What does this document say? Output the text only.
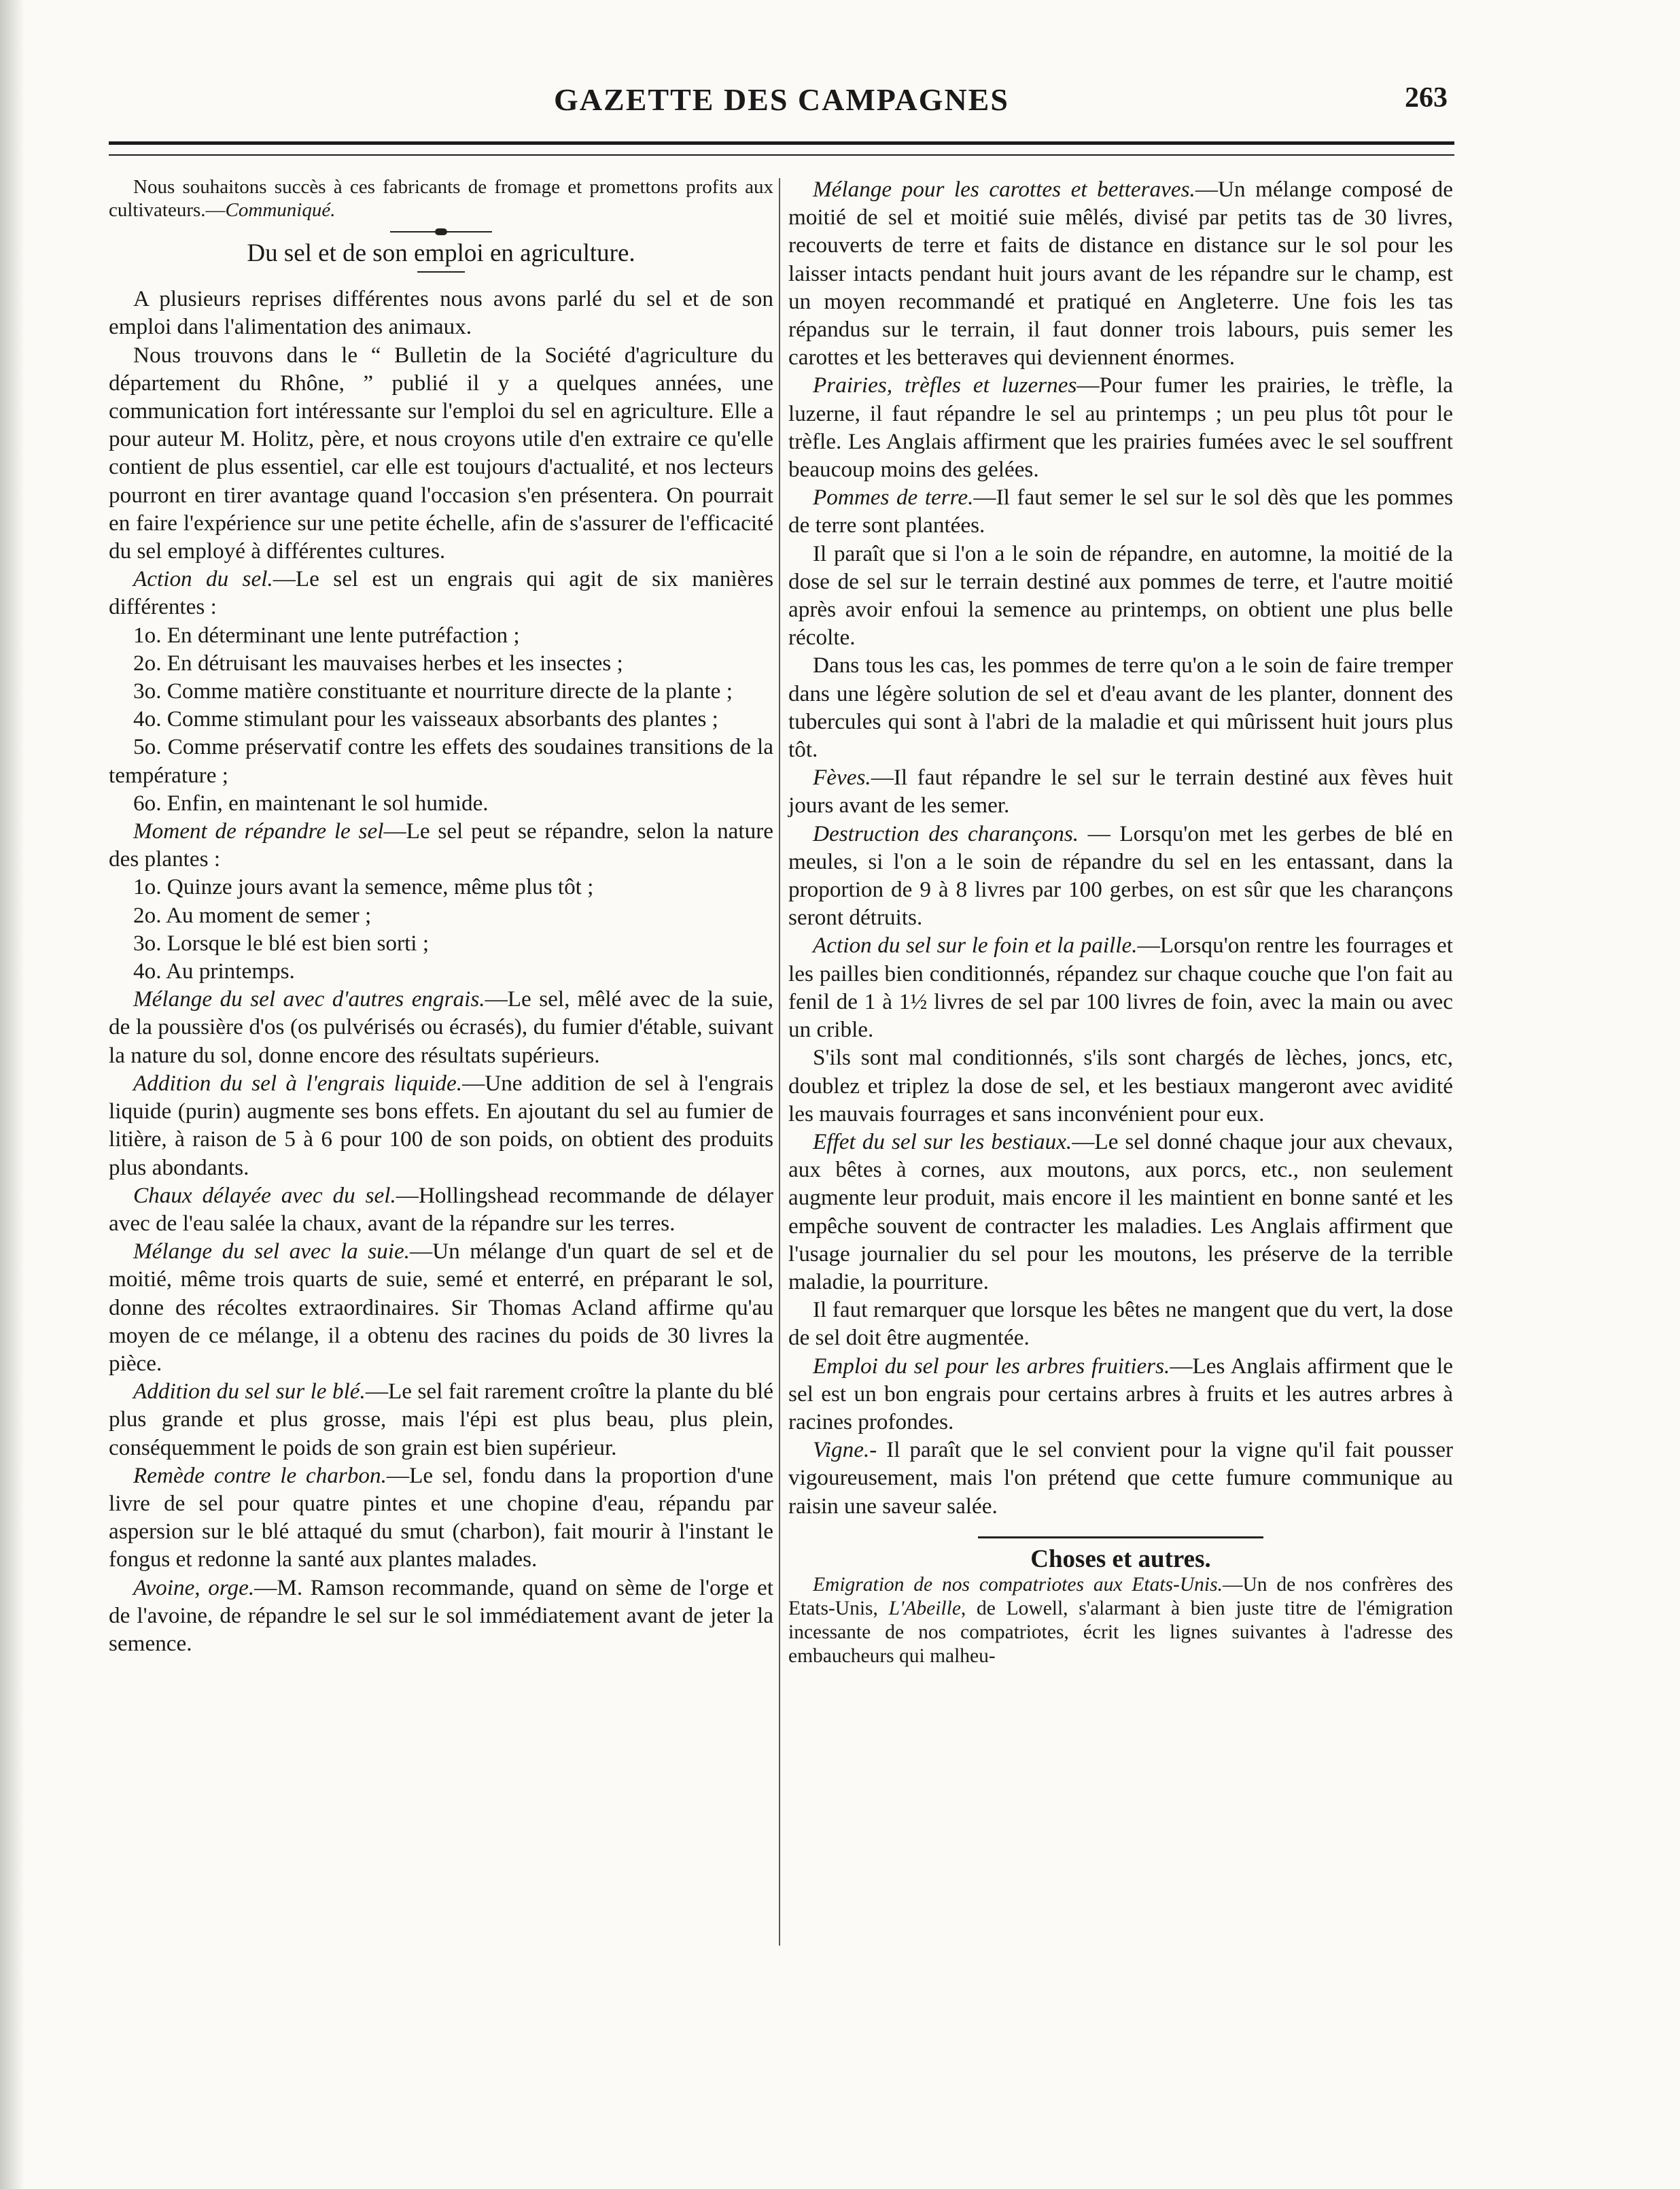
GAZETTE DES CAMPAGNES	263

Nous souhaitons succès à ces fabricants de fromage et promettons profits aux cultivateurs.—Communiqué.

Du sel et de son emploi en agriculture.

A plusieurs reprises différentes nous avons parlé du sel et de son emploi dans l'alimentation des animaux.

Nous trouvons dans le “ Bulletin de la Société d'agriculture du département du Rhône, ” publié il y a quelques années, une communication fort intéressante sur l'emploi du sel en agriculture. Elle a pour auteur M. Holitz, père, et nous croyons utile d'en extraire ce qu'elle contient de plus essentiel, car elle est toujours d'actualité, et nos lecteurs pourront en tirer avantage quand l'occasion s'en présentera. On pourrait en faire l'expérience sur une petite échelle, afin de s'assurer de l'efficacité du sel employé à différentes cultures.

Action du sel.—Le sel est un engrais qui agit de six manières différentes :

1o. En déterminant une lente putréfaction ;

2o. En détruisant les mauvaises herbes et les insectes ;

3o. Comme matière constituante et nourriture directe de la plante ;

4o. Comme stimulant pour les vaisseaux absorbants des plantes ;

5o. Comme préservatif contre les effets des soudaines transitions de la température ;

6o. Enfin, en maintenant le sol humide.

Moment de répandre le sel—Le sel peut se répandre, selon la nature des plantes :

1o. Quinze jours avant la semence, même plus tôt ;

2o. Au moment de semer ;

3o. Lorsque le blé est bien sorti ;

4o. Au printemps.

Mélange du sel avec d'autres engrais.—Le sel, mêlé avec de la suie, de la poussière d'os (os pulvérisés ou écrasés), du fumier d'étable, suivant la nature du sol, donne encore des résultats supérieurs.

Addition du sel à l'engrais liquide.—Une addition de sel à l'engrais liquide (purin) augmente ses bons effets. En ajoutant du sel au fumier de litière, à raison de 5 à 6 pour 100 de son poids, on obtient des produits plus abondants.

Chaux délayée avec du sel.—Hollingshead recommande de délayer avec de l'eau salée la chaux, avant de la répandre sur les terres.

Mélange du sel avec la suie.—Un mélange d'un quart de sel et de moitié, même trois quarts de suie, semé et enterré, en préparant le sol, donne des récoltes extraordinaires. Sir Thomas Acland affirme qu'au moyen de ce mélange, il a obtenu des racines du poids de 30 livres la pièce.

Addition du sel sur le blé.—Le sel fait rarement croître la plante du blé plus grande et plus grosse, mais l'épi est plus beau, plus plein, conséquemment le poids de son grain est bien supérieur.

Remède contre le charbon.—Le sel, fondu dans la proportion d'une livre de sel pour quatre pintes et une chopine d'eau, répandu par aspersion sur le blé attaqué du smut (charbon), fait mourir à l'instant le fongus et redonne la santé aux plantes malades.

Avoine, orge.—M. Ramson recommande, quand on sème de l'orge et de l'avoine, de répandre le sel sur le sol immédiatement avant de jeter la semence.

Mélange pour les carottes et betteraves.—Un mélange composé de moitié de sel et moitié suie mêlés, divisé par petits tas de 30 livres, recouverts de terre et faits de distance en distance sur le sol pour les laisser intacts pendant huit jours avant de les répandre sur le champ, est un moyen recommandé et pratiqué en Angleterre. Une fois les tas répandus sur le terrain, il faut donner trois labours, puis semer les carottes et les betteraves qui deviennent énormes.

Prairies, trèfles et luzernes—Pour fumer les prairies, le trèfle, la luzerne, il faut répandre le sel au printemps ; un peu plus tôt pour le trèfle. Les Anglais affirment que les prairies fumées avec le sel souffrent beaucoup moins des gelées.

Pommes de terre.—Il faut semer le sel sur le sol dès que les pommes de terre sont plantées.

Il paraît que si l'on a le soin de répandre, en automne, la moitié de la dose de sel sur le terrain destiné aux pommes de terre, et l'autre moitié après avoir enfoui la semence au printemps, on obtient une plus belle récolte.

Dans tous les cas, les pommes de terre qu'on a le soin de faire tremper dans une légère solution de sel et d'eau avant de les planter, donnent des tubercules qui sont à l'abri de la maladie et qui mûrissent huit jours plus tôt.

Fèves.—Il faut répandre le sel sur le terrain destiné aux fèves huit jours avant de les semer.

Destruction des charançons. — Lorsqu'on met les gerbes de blé en meules, si l'on a le soin de répandre du sel en les entassant, dans la proportion de 9 à 8 livres par 100 gerbes, on est sûr que les charançons seront détruits.

Action du sel sur le foin et la paille.—Lorsqu'on rentre les fourrages et les pailles bien conditionnés, répandez sur chaque couche que l'on fait au fenil de 1 à 1½ livres de sel par 100 livres de foin, avec la main ou avec un crible.

S'ils sont mal conditionnés, s'ils sont chargés de lèches, joncs, etc, doublez et triplez la dose de sel, et les bestiaux mangeront avec avidité les mauvais fourrages et sans inconvénient pour eux.

Effet du sel sur les bestiaux.—Le sel donné chaque jour aux chevaux, aux bêtes à cornes, aux moutons, aux porcs, etc., non seulement augmente leur produit, mais encore il les maintient en bonne santé et les empêche souvent de contracter les maladies. Les Anglais affirment que l'usage journalier du sel pour les moutons, les préserve de la terrible maladie, la pourriture.

Il faut remarquer que lorsque les bêtes ne mangent que du vert, la dose de sel doit être augmentée.

Emploi du sel pour les arbres fruitiers.—Les Anglais affirment que le sel est un bon engrais pour certains arbres à fruits et les autres arbres à racines profondes.

Vigne.- Il paraît que le sel convient pour la vigne qu'il fait pousser vigoureusement, mais l'on prétend que cette fumure communique au raisin une saveur salée.

Choses et autres.

Emigration de nos compatriotes aux Etats-Unis.—Un de nos confrères des Etats-Unis, L'Abeille, de Lowell, s'alarmant à bien juste titre de l'émigration incessante de nos compatriotes, écrit les lignes suivantes à l'adresse des embaucheurs qui malheu-
